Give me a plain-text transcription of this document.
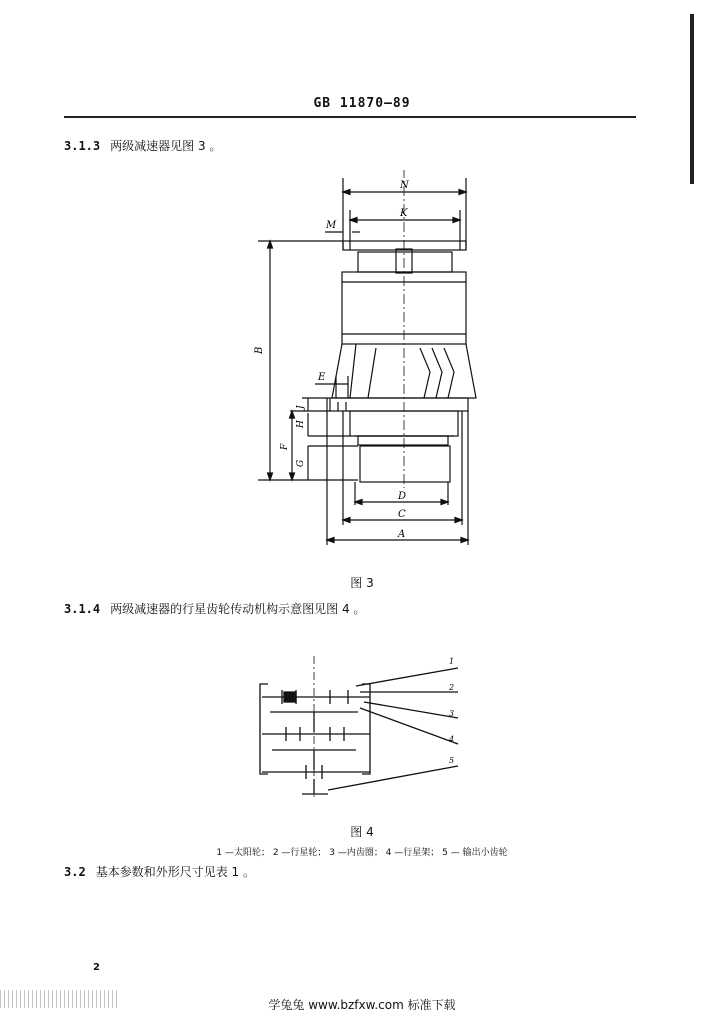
GB 11870—89
3.1.3 两级减速器见图 3 。
N
K
M
B
E
J
H
F
G
D
C
A
图 3
3.1.4 两级减速器的行星齿轮传动机构示意图见图 4 。
1
2
3
4
5
图 4
1 —太阳轮； 2 —行星轮； 3 —内齿圈； 4 —行星架； 5 — 输出小齿轮
3.2 基本参数和外形尺寸见表 1 。
2
学兔兔 www.bzfxw.com 标准下载
